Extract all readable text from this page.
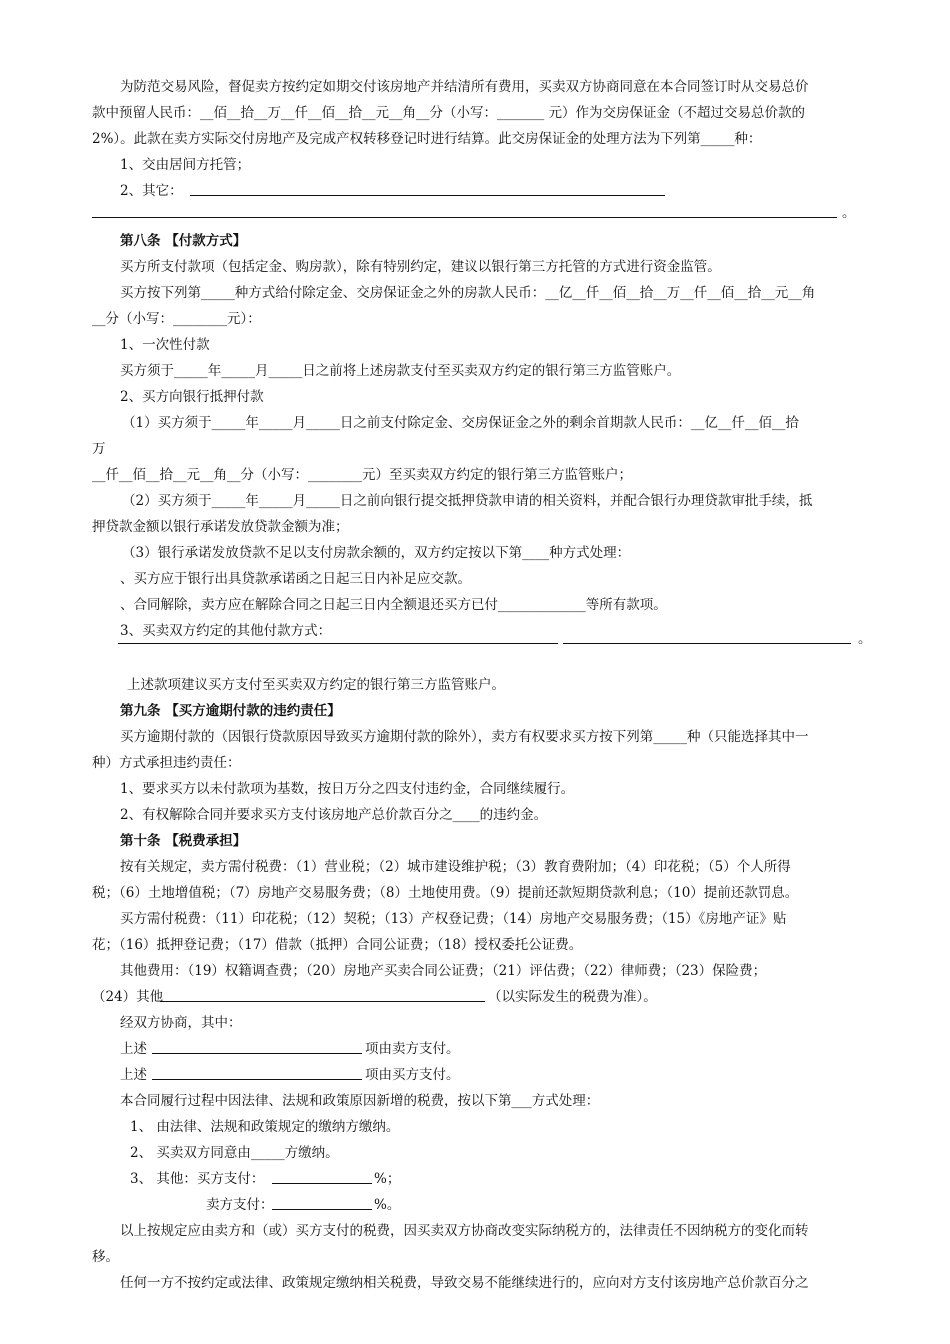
为防范交易风险，督促卖方按约定如期交付该房地产并结清所有费用，买卖双方协商同意在本合同签订时从交易总价
款中预留人民币：__佰__拾__万__仟__佰__拾__元__角__分（小写：_______ 元）作为交房保证金（不超过交易总价款的
2%）。此款在卖方实际交付房地产及完成产权转移登记时进行结算。此交房保证金的处理方法为下列第_____种：
1、交由居间方托管；
2、其它：
。
第八条 【付款方式】
买方所支付款项（包括定金、购房款），除有特别约定，建议以银行第三方托管的方式进行资金监管。
买方按下列第_____种方式给付除定金、交房保证金之外的房款人民币：__亿__仟__佰__拾__万__仟__佰__拾__元__角
__分（小写：________元）：
1、一次性付款
买方须于_____年_____月_____日之前将上述房款支付至买卖双方约定的银行第三方监管账户。
2、买方向银行抵押付款
（1）买方须于_____年_____月_____日之前支付除定金、交房保证金之外的剩余首期款人民币：__亿__仟__佰__拾
万
__仟__佰__拾__元__角__分（小写：________元）至买卖双方约定的银行第三方监管账户；
（2）买方须于_____年_____月_____日之前向银行提交抵押贷款申请的相关资料，并配合银行办理贷款审批手续，抵
押贷款金额以银行承诺发放贷款金额为准；
（3）银行承诺发放贷款不足以支付房款余额的，双方约定按以下第____种方式处理：
、买方应于银行出具贷款承诺函之日起三日内补足应交款。
、合同解除，卖方应在解除合同之日起三日内全额退还买方已付_____________等所有款项。
3、买卖双方约定的其他付款方式：	。
上述款项建议买方支付至买卖双方约定的银行第三方监管账户。
第九条 【买方逾期付款的违约责任】
买方逾期付款的（因银行贷款原因导致买方逾期付款的除外），卖方有权要求买方按下列第_____种（只能选择其中一
种）方式承担违约责任：
1、要求买方以未付款项为基数，按日万分之四支付违约金，合同继续履行。
2、有权解除合同并要求买方支付该房地产总价款百分之____的违约金。
第十条 【税费承担】
按有关规定，卖方需付税费：（1）营业税；（2）城市建设维护税；（3）教育费附加；（4）印花税；（5）个人所得
税；（6）土地增值税；（7）房地产交易服务费；（8）土地使用费。（9）提前还款短期贷款利息；（10）提前还款罚息。
买方需付税费：（11）印花税；（12）契税；（13）产权登记费；（14）房地产交易服务费；（15）《房地产证》贴
花；（16）抵押登记费；（17）借款（抵押）合同公证费；（18）授权委托公证费。
其他费用：（19）权籍调查费；（20）房地产买卖合同公证费；（21）评估费；（22）律师费；（23）保险费；
（24）其他	（以实际发生的税费为准）。
经双方协商，其中：
上述	项由卖方支付。
上述	项由买方支付。
本合同履行过程中因法律、法规和政策原因新增的税费，按以下第___方式处理：
1、 由法律、法规和政策规定的缴纳方缴纳。
2、 买卖双方同意由_____方缴纳。
3、 其他：买方支付：	%；
卖方支付：	%。
以上按规定应由卖方和（或）买方支付的税费，因买卖双方协商改变实际纳税方的，法律责任不因纳税方的变化而转
移。
任何一方不按约定或法律、政策规定缴纳相关税费，导致交易不能继续进行的，应向对方支付该房地产总价款百分之
